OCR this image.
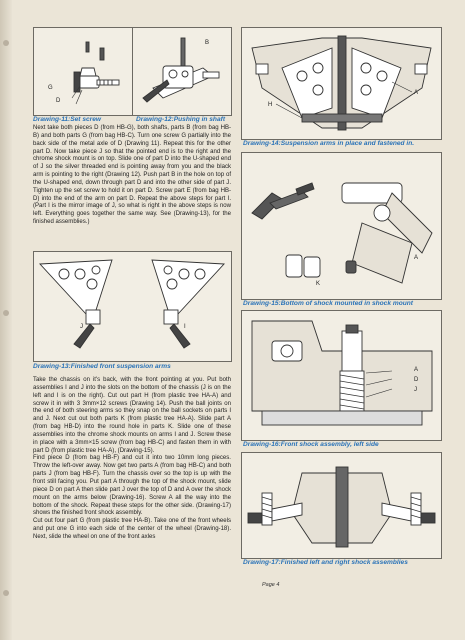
G
D
Drawing-11:Set screw
B
Drawing-12:Pushing in shaft

Next take both pieces D (from HB-G), both shafts, parts B (from bag HB-B) and both parts G (from bag HB-C). Turn one screw G partially into the back side of the metal axle of D (Drawing 11). Repeat this for the other part D. Now take piece J so that the pointed end is to the right and the chrome shock mount is on top. Slide one of part D into the U-shaped end of J so the silver threaded end is pointing away from you and the black arm is pointing to the right (Drawing 12). Push part B in the hole on top of the U-shaped end, down through part D and into the other side of part J. Tighten up the set screw to hold it on part D. Screw part E (from bag HB-D) into the end of the arm on part D. Repeat the above steps for part I. (Part I is the mirror image of J, so what is right in the above steps is now left. Everything goes together the same way. See (Drawing-13), for the finished assemblies.)

J	I
Drawing-13:Finished front suspension arms

Take the chassis on it's back, with the front pointing at you. Put both assemblies I and J into the slots on the bottom of the chassis (J is on the left and I is on the right). Cut out part H (from plastic tree HA-A) and screw it in with 3 3mm×12 screws (Drawing 14). Push the ball joints on the end of both steering arms so they snap on the ball sockets on parts I and J. Next cut out both parts K (from plastic tree HA-A). Slide part A (from bag HB-D) into the round hole in parts K. Slide one of these assemblies into the chrome shock mounts on arms I and J. Screw these in place with a 3mm×15 screw (from bag HB-C) and fasten them in with part D (from plastic tree HA-A), (Drawing-15).

Find piece D (from bag HB-F) and cut it into two 10mm long pieces. Throw the left-over away. Now get two parts A (from bag HB-C) and both parts J (from bag HB-F). Turn the chassis over so the top is up with the front still facing you. Put part A through the top of the shock mount, slide piece D on part A then slide part J over the top of D and A over the shock mount on the arms below (Drawing-16). Screw A all the way into the bottom of the shock. Repeat these steps for the other side. (Drawing-17) shows the finished front shock assembly.

Cut out four part G (from plastic tree HA-B). Take one of the front wheels and put one G into each side of the center of the wheel (Drawing-18). Next, slide the wheel on one of the front axles

H
A
Drawing-14:Suspension arms in place and fastened in.
A
K
Drawing-15:Bottom of shock mounted in shock mount
A
D
J
Drawing-16:Front shock assembly, left side
Drawing-17:Finished left and right shock assemblies
Page 4
